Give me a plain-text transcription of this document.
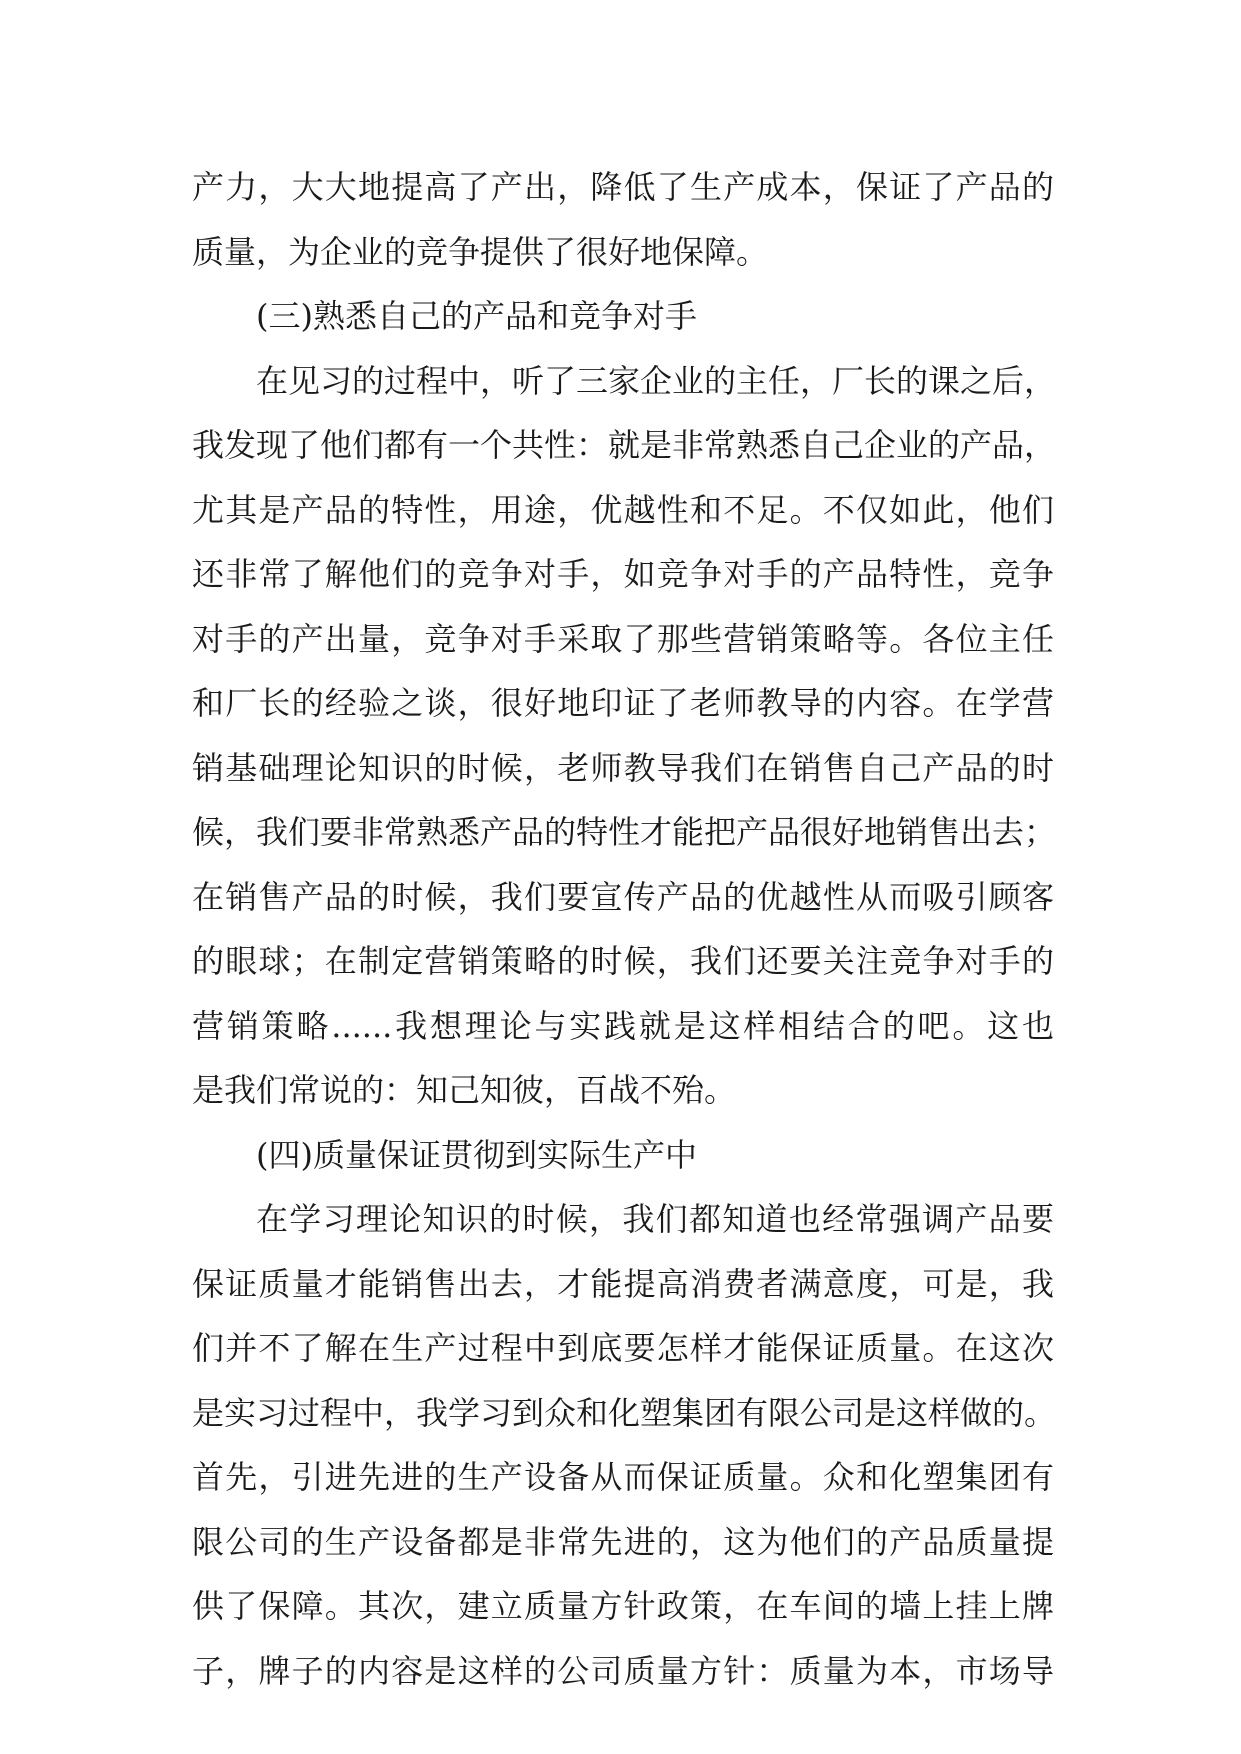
产力，大大地提高了产出，降低了生产成本，保证了产品的
质量，为企业的竞争提供了很好地保障。
(三)熟悉自己的产品和竞争对手
在见习的过程中，听了三家企业的主任，厂长的课之后，
我发现了他们都有一个共性：就是非常熟悉自己企业的产品，
尤其是产品的特性，用途，优越性和不足。不仅如此，他们
还非常了解他们的竞争对手，如竞争对手的产品特性，竞争
对手的产出量，竞争对手采取了那些营销策略等。各位主任
和厂长的经验之谈，很好地印证了老师教导的内容。在学营
销基础理论知识的时候，老师教导我们在销售自己产品的时
候，我们要非常熟悉产品的特性才能把产品很好地销售出去；
在销售产品的时候，我们要宣传产品的优越性从而吸引顾客
的眼球；在制定营销策略的时候，我们还要关注竞争对手的
营销策略......我想理论与实践就是这样相结合的吧。这也
是我们常说的：知己知彼，百战不殆。
(四)质量保证贯彻到实际生产中
在学习理论知识的时候，我们都知道也经常强调产品要
保证质量才能销售出去，才能提高消费者满意度，可是，我
们并不了解在生产过程中到底要怎样才能保证质量。在这次
是实习过程中，我学习到众和化塑集团有限公司是这样做的。
首先，引进先进的生产设备从而保证质量。众和化塑集团有
限公司的生产设备都是非常先进的，这为他们的产品质量提
供了保障。其次，建立质量方针政策，在车间的墙上挂上牌
子，牌子的内容是这样的公司质量方针：质量为本，市场导
